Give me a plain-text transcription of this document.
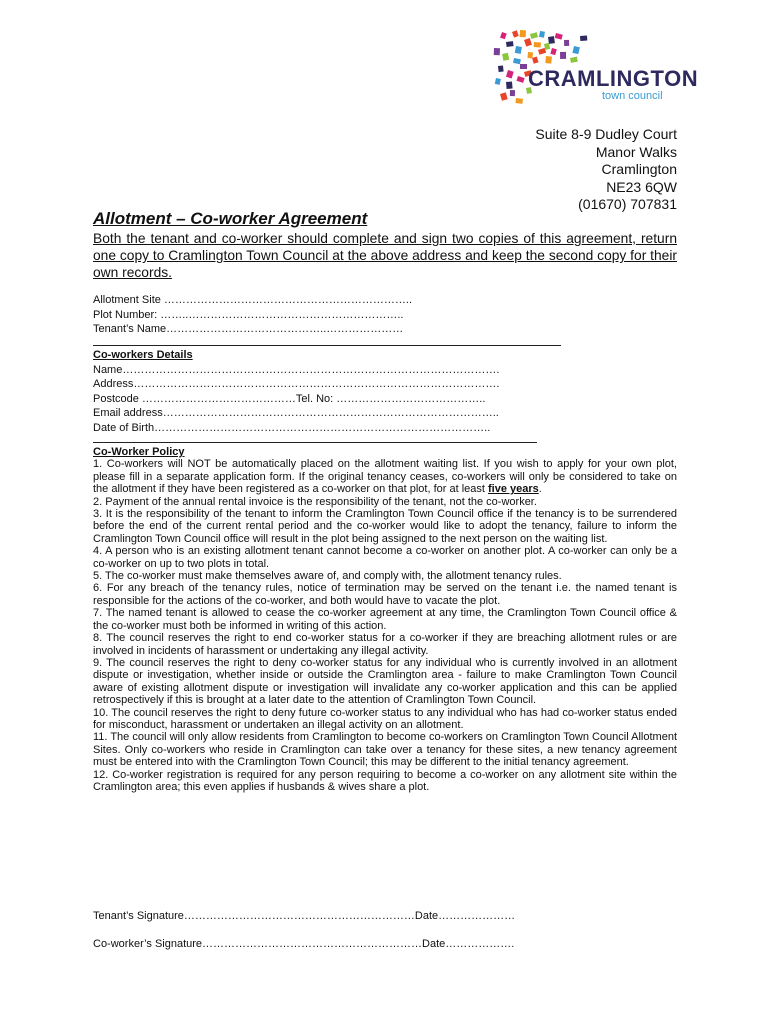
CRAMLINGTON
town council
Suite 8-9 Dudley Court
Manor Walks
Cramlington
NE23 6QW
(01670) 707831
Allotment – Co-worker Agreement
Both the tenant and co-worker should complete and sign two copies of this agreement, return one copy to Cramlington Town Council at the above address and keep the second copy for their own records.
Allotment Site …………………………………………………………..
Plot Number: ……..…………………………………………………..
Tenant’s Name……………………………………..…………………
Co-workers Details
Name………………………………………………………………………………………….
Address……………………………………………………………………………………….
Postcode ……………………………………Tel. No: …………………………………..
Email address………………………………………………………………………………..
Date of Birth………………………………………………………………………………..
Co-Worker Policy
1. Co-workers will NOT be automatically placed on the allotment waiting list. If you wish to apply for your own plot, please fill in a separate application form. If the original tenancy ceases, co-workers will only be considered to take on the allotment if they have been registered as a co-worker on that plot, for at least five years.
2. Payment of the annual rental invoice is the responsibility of the tenant, not the co-worker.
3. It is the responsibility of the tenant to inform the Cramlington Town Council office if the tenancy is to be surrendered before the end of the current rental period and the co-worker would like to adopt the tenancy, failure to inform the Cramlington Town Council office will result in the plot being assigned to the next person on the waiting list.
4. A person who is an existing allotment tenant cannot become a co-worker on another plot. A co-worker can only be a co-worker on up to two plots in total.
5. The co-worker must make themselves aware of, and comply with, the allotment tenancy rules.
6. For any breach of the tenancy rules, notice of termination may be served on the tenant i.e. the named tenant is responsible for the actions of the co-worker, and both would have to vacate the plot.
7. The named tenant is allowed to cease the co-worker agreement at any time, the Cramlington Town Council office & the co-worker must both be informed in writing of this action.
8. The council reserves the right to end co-worker status for a co-worker if they are breaching allotment rules or are involved in incidents of harassment or undertaking any illegal activity.
9. The council reserves the right to deny co-worker status for any individual who is currently involved in an allotment dispute or investigation, whether inside or outside the Cramlington area - failure to make Cramlington Town Council aware of existing allotment dispute or investigation will invalidate any co-worker application and this can be applied retrospectively if this is brought at a later date to the attention of Cramlington Town Council.
10. The council reserves the right to deny future co-worker status to any individual who has had co-worker status ended for misconduct, harassment or undertaken an illegal activity on an allotment.
11. The council will only allow residents from Cramlington to become co-workers on Cramlington Town Council Allotment Sites. Only co-workers who reside in Cramlington can take over a tenancy for these sites, a new tenancy agreement must be entered into with the Cramlington Town Council; this may be different to the initial tenancy agreement.
12. Co-worker registration is required for any person requiring to become a co-worker on any allotment site within the Cramlington area; this even applies if husbands & wives share a plot.
Tenant’s Signature………………………………………………………Date…………………
Co-worker’s Signature……………………………………………………Date……………….
